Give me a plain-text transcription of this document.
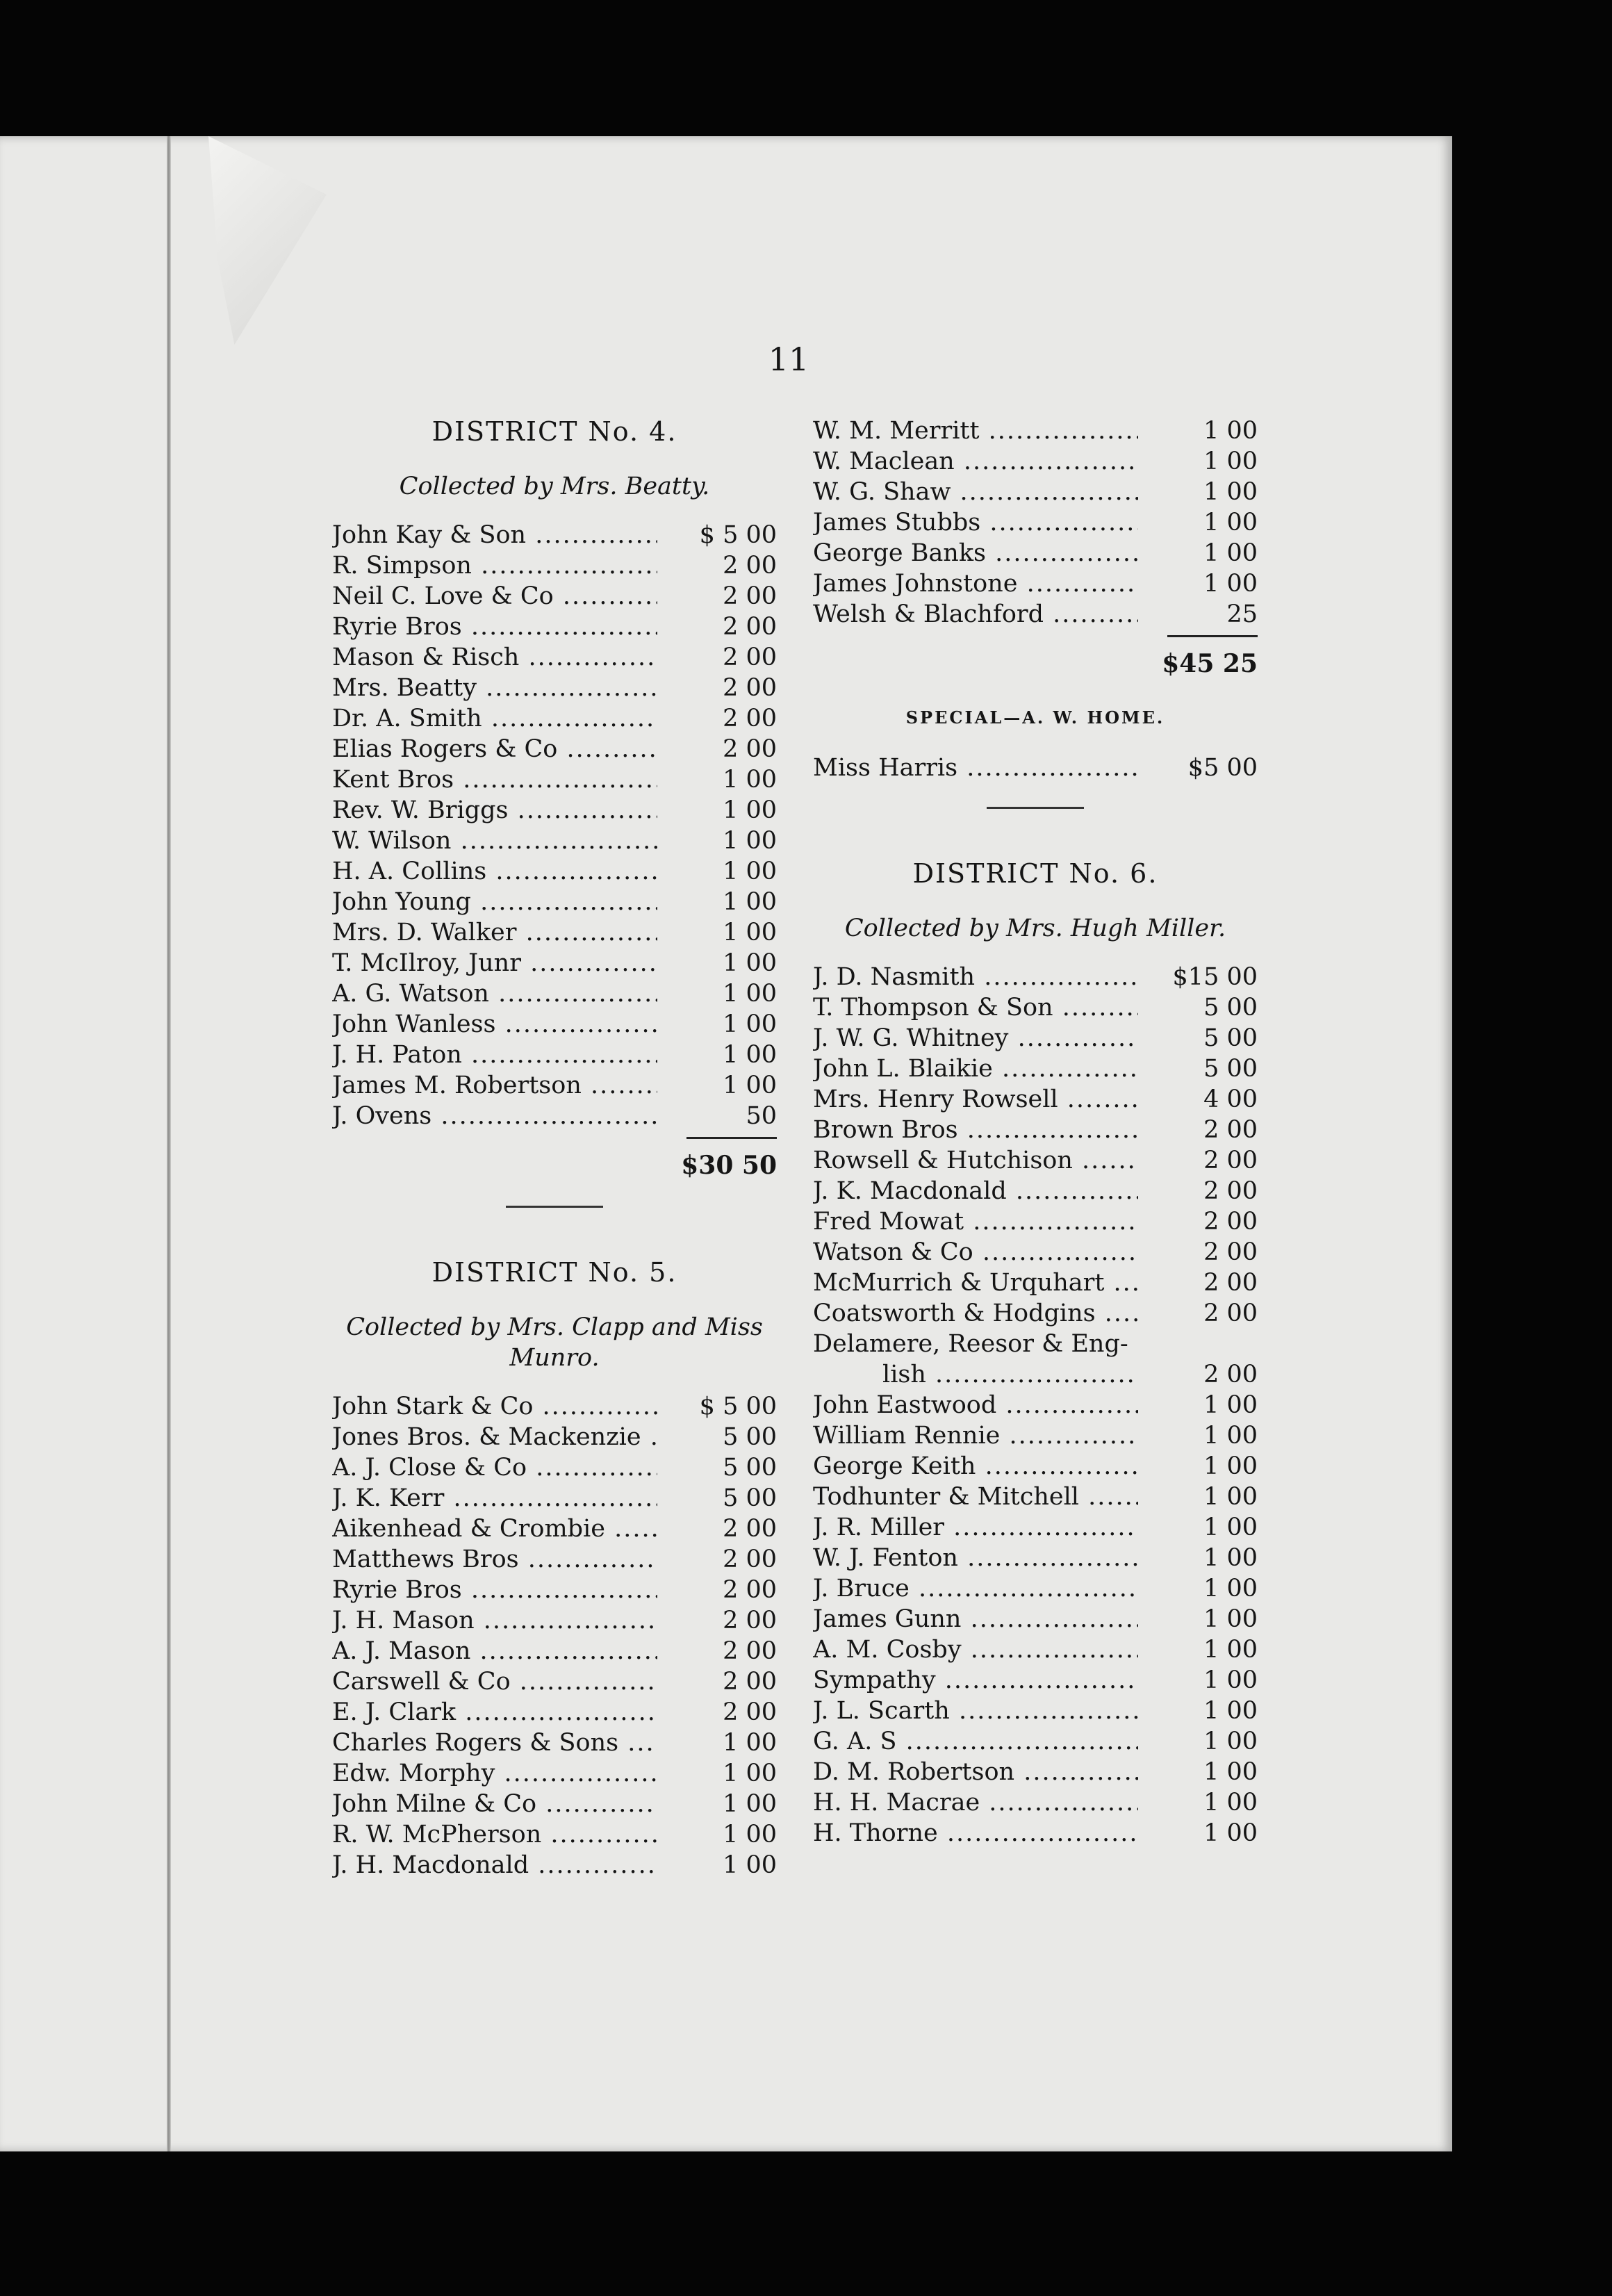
11
DISTRICT No. 4.
Collected by Mrs. Beatty.
John Kay & Son .....	$ 5 00
R. Simpson .....	2 00
Neil C. Love & Co .....	2 00
Ryrie Bros .....	2 00
Mason & Risch .....	2 00
Mrs. Beatty .....	2 00
Dr. A. Smith .....	2 00
Elias Rogers & Co .....	2 00
Kent Bros .....	1 00
Rev. W. Briggs .....	1 00
W. Wilson .....	1 00
H. A. Collins .....	1 00
John Young .....	1 00
Mrs. D. Walker .....	1 00
T. McIlroy, Junr .....	1 00
A. G. Watson .....	1 00
John Wanless .....	1 00
J. H. Paton .....	1 00
James M. Robertson .....	1 00
J. Ovens .....	50
$30 50
DISTRICT No. 5.
Collected by Mrs. Clapp and Miss Munro.
John Stark & Co .....	$ 5 00
Jones Bros. & Mackenzie .....	5 00
A. J. Close & Co .....	5 00
J. K. Kerr .....	5 00
Aikenhead & Crombie .....	2 00
Matthews Bros .....	2 00
Ryrie Bros .....	2 00
J. H. Mason .....	2 00
A. J. Mason .....	2 00
Carswell & Co .....	2 00
E. J. Clark .....	2 00
Charles Rogers & Sons .....	1 00
Edw. Morphy .....	1 00
John Milne & Co .....	1 00
R. W. McPherson .....	1 00
J. H. Macdonald .....	1 00
W. M. Merritt .....	1 00
W. Maclean .....	1 00
W. G. Shaw .....	1 00
James Stubbs .....	1 00
George Banks .....	1 00
James Johnstone .....	1 00
Welsh & Blachford .....	25
$45 25
SPECIAL—A. W. HOME.
Miss Harris .....	$5 00
DISTRICT No. 6.
Collected by Mrs. Hugh Miller.
J. D. Nasmith .....	$15 00
T. Thompson & Son .....	5 00
J. W. G. Whitney .....	5 00
John L. Blaikie .....	5 00
Mrs. Henry Rowsell .....	4 00
Brown Bros .....	2 00
Rowsell & Hutchison .....	2 00
J. K. Macdonald .....	2 00
Fred Mowat .....	2 00
Watson & Co .....	2 00
McMurrich & Urquhart .....	2 00
Coatsworth & Hodgins .....	2 00
Delamere, Reesor & Eng-
lish .....	2 00
John Eastwood .....	1 00
William Rennie .....	1 00
George Keith .....	1 00
Todhunter & Mitchell .....	1 00
J. R. Miller .....	1 00
W. J. Fenton .....	1 00
J. Bruce .....	1 00
James Gunn .....	1 00
A. M. Cosby .....	1 00
Sympathy .....	1 00
J. L. Scarth .....	1 00
G. A. S .....	1 00
D. M. Robertson .....	1 00
H. H. Macrae .....	1 00
H. Thorne .....	1 00
